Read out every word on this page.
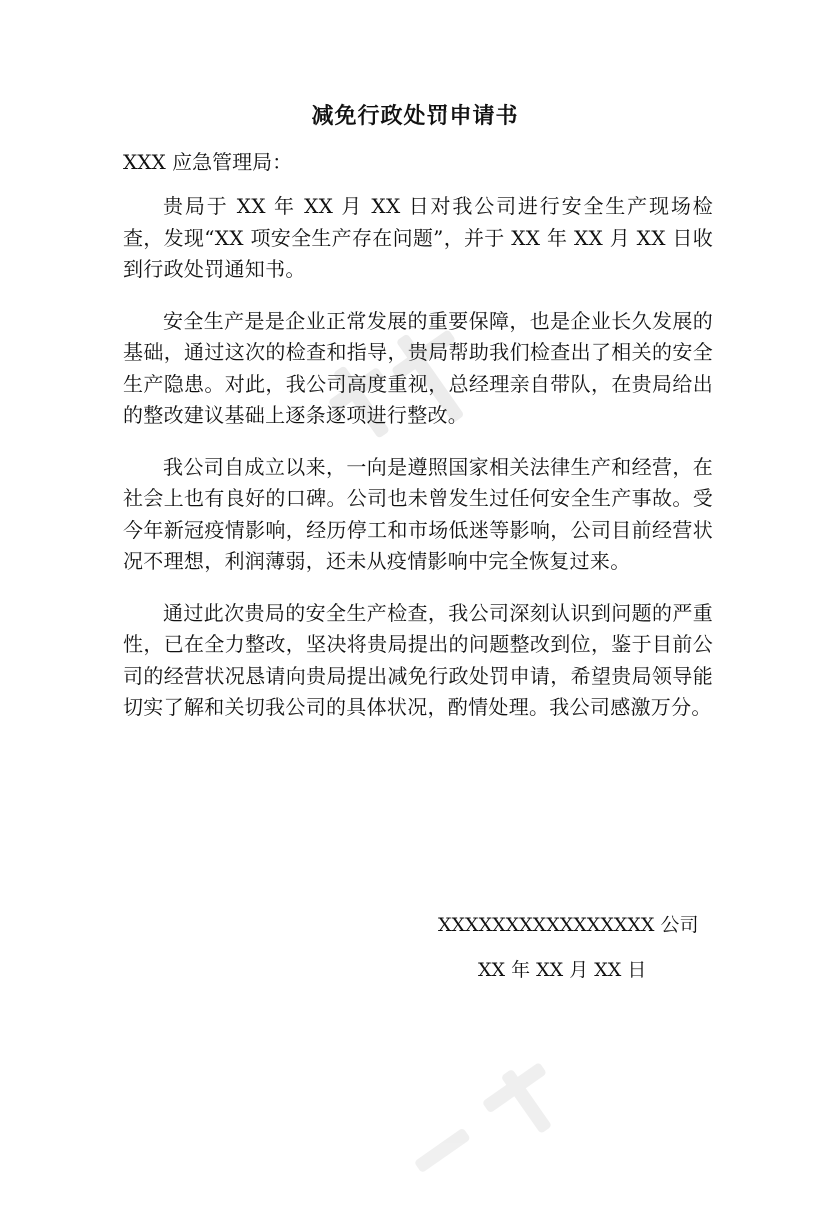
减免行政处罚申请书
XXX 应急管理局：

贵局于 XX 年 XX 月 XX 日对我公司进行安全生产现场检查，发现“XX 项安全生产存在问题”，并于 XX 年 XX 月 XX 日收到行政处罚通知书。

安全生产是是企业正常发展的重要保障，也是企业长久发展的基础，通过这次的检查和指导，贵局帮助我们检查出了相关的安全生产隐患。对此，我公司高度重视，总经理亲自带队，在贵局给出的整改建议基础上逐条逐项进行整改。

我公司自成立以来，一向是遵照国家相关法律生产和经营，在社会上也有良好的口碑。公司也未曾发生过任何安全生产事故。受今年新冠疫情影响，经历停工和市场低迷等影响，公司目前经营状况不理想，利润薄弱，还未从疫情影响中完全恢复过来。

通过此次贵局的安全生产检查，我公司深刻认识到问题的严重性，已在全力整改，坚决将贵局提出的问题整改到位，鉴于目前公司的经营状况恳请向贵局提出减免行政处罚申请，希望贵局领导能切实了解和关切我公司的具体状况，酌情处理。我公司感激万分。

XXXXXXXXXXXXXXXX 公司
XX 年 XX 月 XX 日
